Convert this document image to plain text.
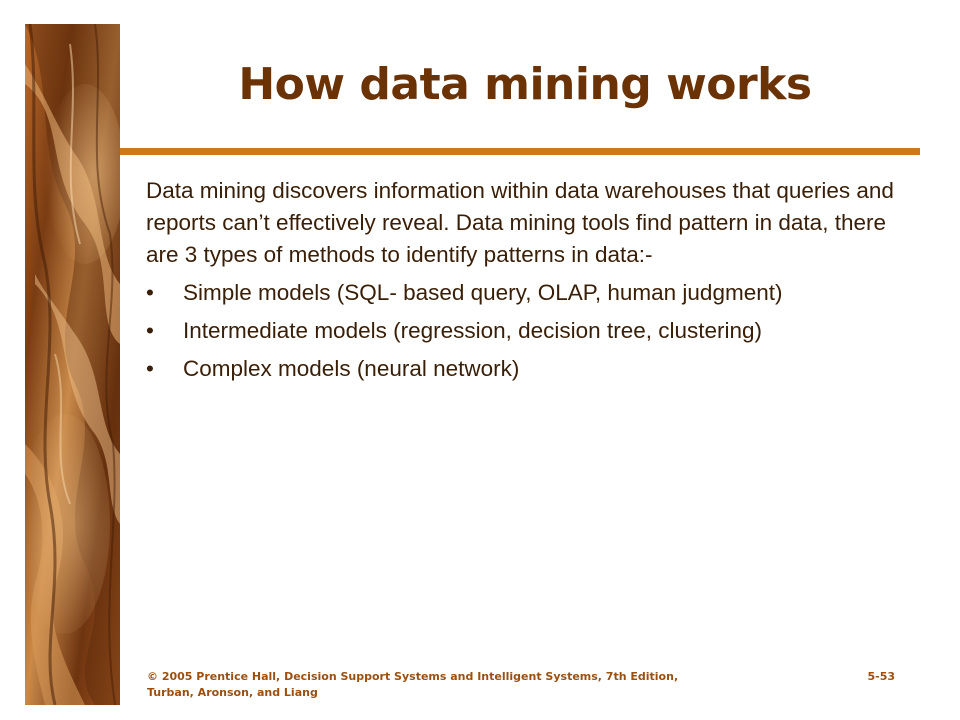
How data mining works

Data mining discovers information within data warehouses that queries and reports can’t effectively reveal. Data mining tools find pattern in data, there are 3 types of methods to identify patterns in data:-

• Simple models (SQL- based query, OLAP, human judgment)
• Intermediate models (regression, decision tree, clustering)
• Complex models (neural network)
© 2005 Prentice Hall, Decision Support Systems and Intelligent Systems, 7th Edition,
Turban, Aronson, and Liang
5-53
